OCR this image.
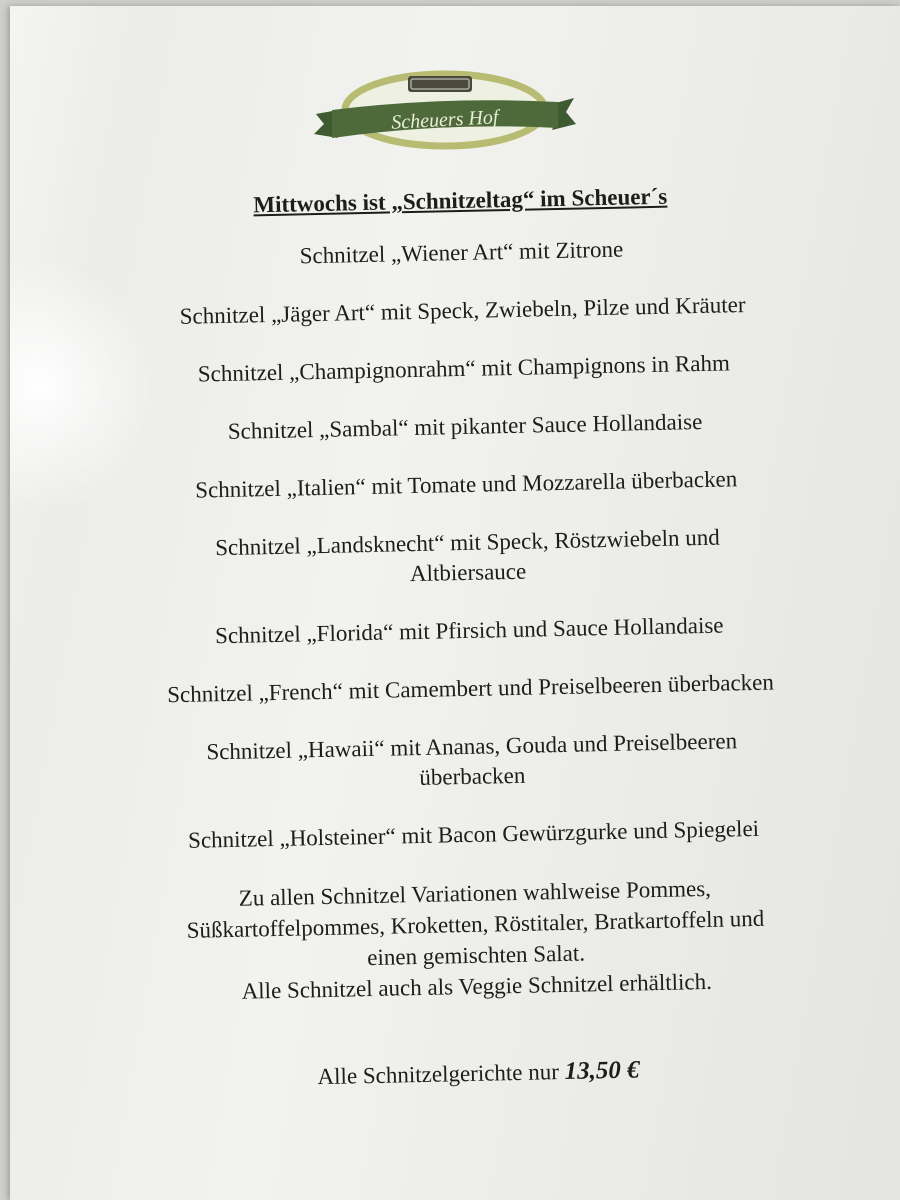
Scheuers Hof
Mittwochs ist „Schnitzeltag“ im Scheuer´s
Schnitzel „Wiener Art“ mit Zitrone
Schnitzel „Jäger Art“ mit Speck, Zwiebeln, Pilze und Kräuter
Schnitzel „Champignonrahm“ mit Champignons in Rahm
Schnitzel „Sambal“ mit pikanter Sauce Hollandaise
Schnitzel „Italien“ mit Tomate und Mozzarella überbacken
Schnitzel „Landsknecht“ mit Speck, Röstzwiebeln und
Altbiersauce
Schnitzel „Florida“ mit Pfirsich und Sauce Hollandaise
Schnitzel „French“ mit Camembert und Preiselbeeren überbacken
Schnitzel „Hawaii“ mit Ananas, Gouda und Preiselbeeren
überbacken
Schnitzel „Holsteiner“ mit Bacon Gewürzgurke und Spiegelei
Zu allen Schnitzel Variationen wahlweise Pommes,
Süßkartoffelpommes, Kroketten, Röstitaler, Bratkartoffeln und
einen gemischten Salat.
Alle Schnitzel auch als Veggie Schnitzel erhältlich.
Alle Schnitzelgerichte nur 13,50 €
